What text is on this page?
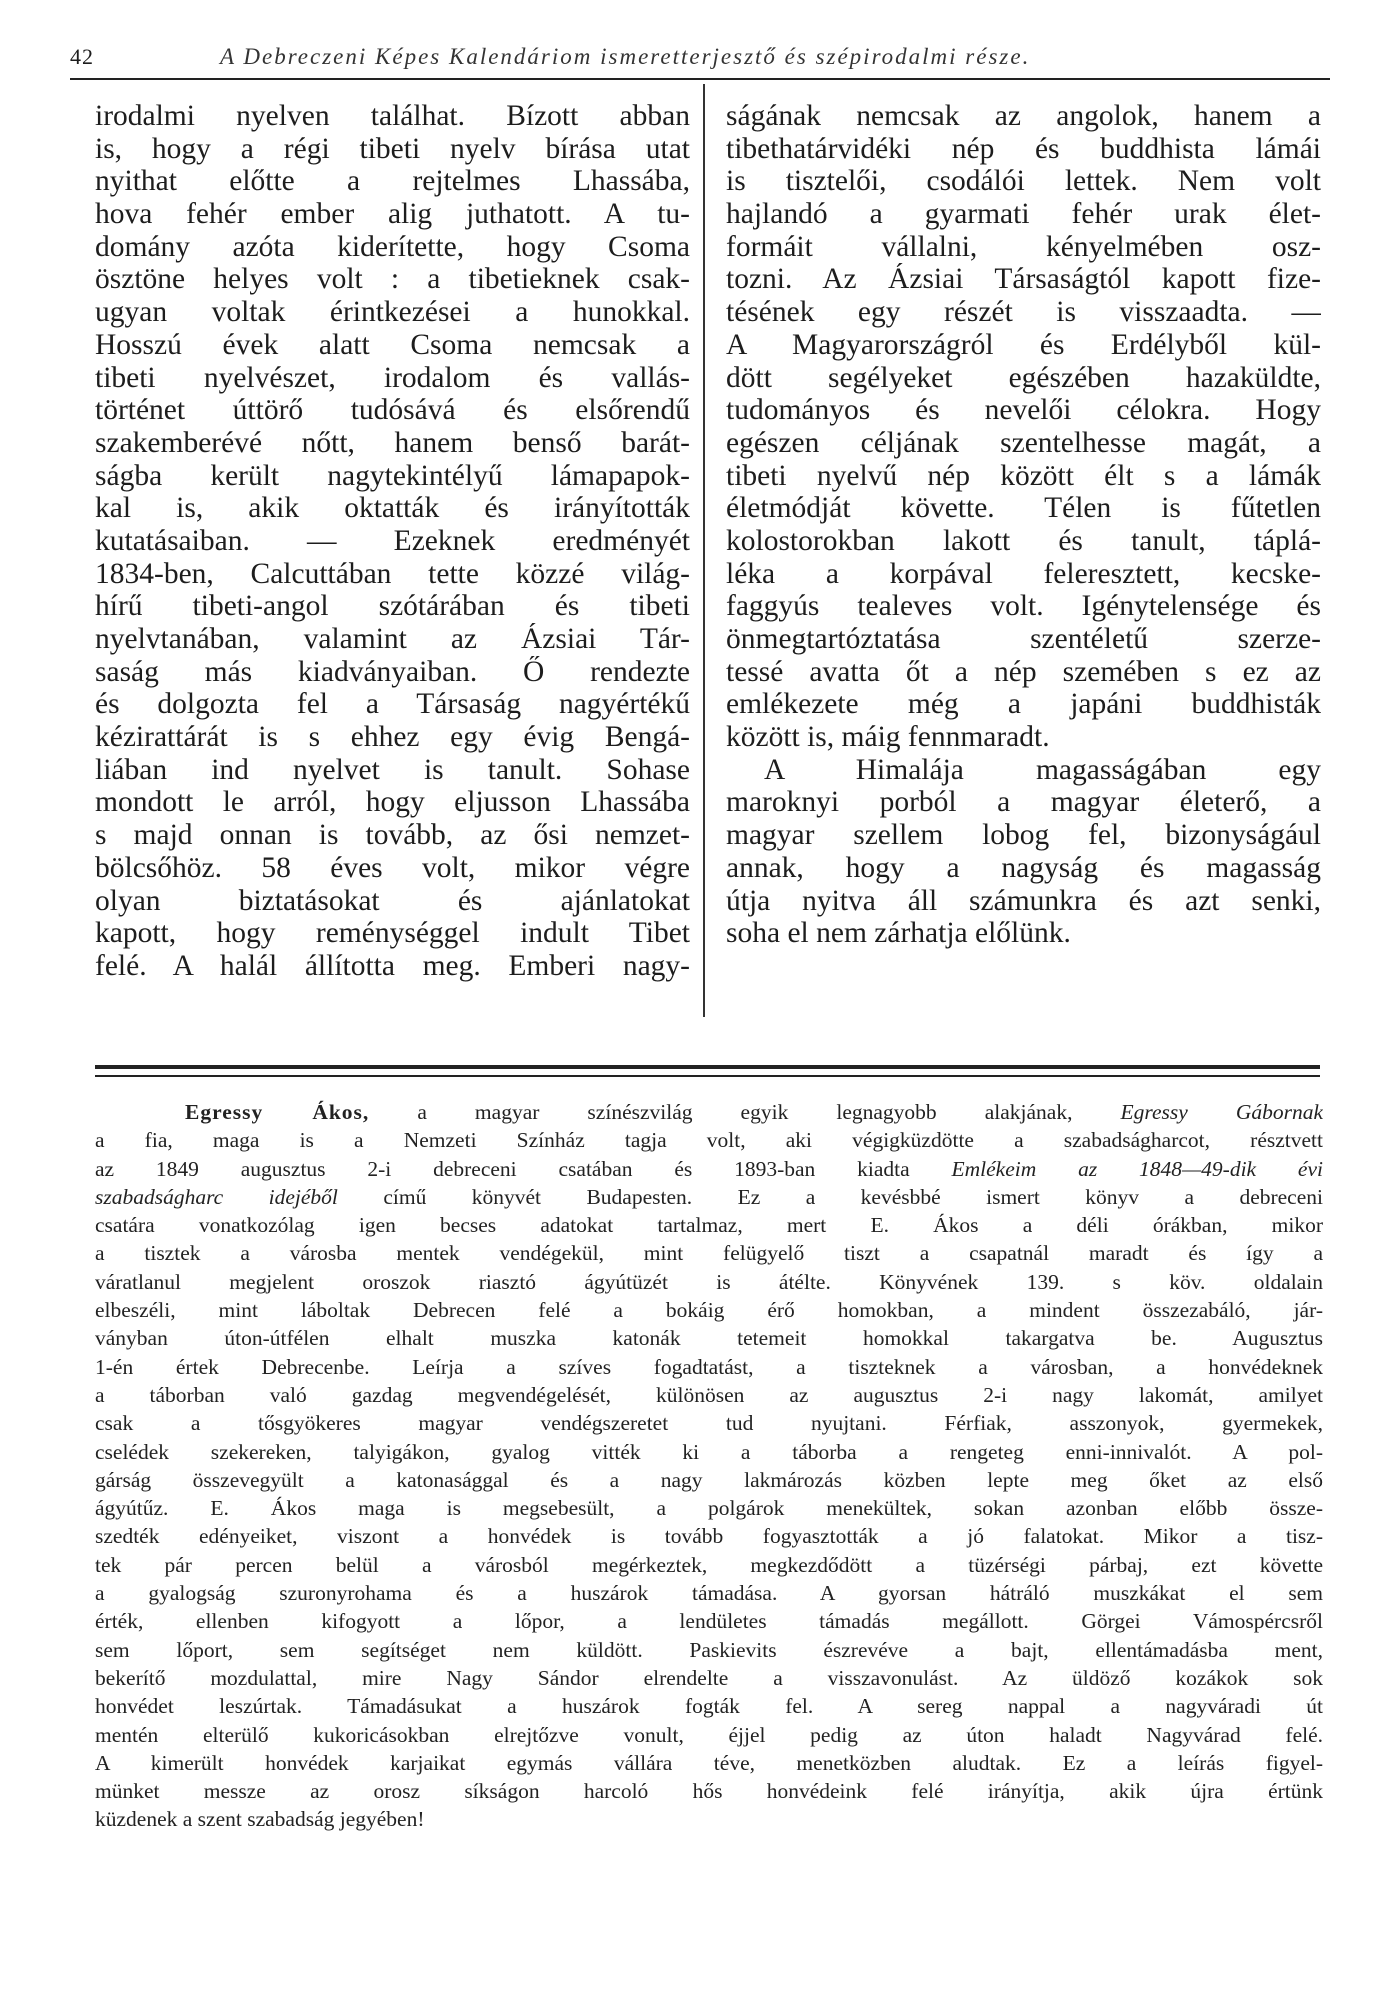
42	A Debreczeni Képes Kalendáriom ismeretterjesztő és szépirodalmi része.
irodalmi nyelven találhat. Bízott abban
is, hogy a régi tibeti nyelv bírása utat
nyithat előtte a rejtelmes Lhassába,
hova fehér ember alig juthatott. A tu-
domány azóta kiderítette, hogy Csoma
ösztöne helyes volt : a tibetieknek csak-
ugyan voltak érintkezései a hunokkal.
Hosszú évek alatt Csoma nemcsak a
tibeti nyelvészet, irodalom és vallás-
történet úttörő tudósává és elsőrendű
szakemberévé nőtt, hanem benső barát-
ságba került nagytekintélyű lámapapok-
kal is, akik oktatták és irányították
kutatásaiban. — Ezeknek eredményét
1834-ben, Calcuttában tette közzé világ-
hírű tibeti-angol szótárában és tibeti
nyelvtanában, valamint az Ázsiai Tár-
saság más kiadványaiban. Ő rendezte
és dolgozta fel a Társaság nagyértékű
kézirattárát is s ehhez egy évig Bengá-
liában ind nyelvet is tanult. Sohase
mondott le arról, hogy eljusson Lhassába
s majd onnan is tovább, az ősi nemzet-
bölcsőhöz. 58 éves volt, mikor végre
olyan biztatásokat és ajánlatokat
kapott, hogy reménységgel indult Tibet
felé. A halál állította meg. Emberi nagy-
ságának nemcsak az angolok, hanem a
tibethatárvidéki nép és buddhista lámái
is tisztelői, csodálói lettek. Nem volt
hajlandó a gyarmati fehér urak élet-
formáit vállalni, kényelmében osz-
tozni. Az Ázsiai Társaságtól kapott fize-
tésének egy részét is visszaadta. —
A Magyarországról és Erdélyből kül-
dött segélyeket egészében hazaküldte,
tudományos és nevelői célokra. Hogy
egészen céljának szentelhesse magát, a
tibeti nyelvű nép között élt s a lámák
életmódját követte. Télen is fűtetlen
kolostorokban lakott és tanult, táplá-
léka a korpával feleresztett, kecske-
faggyús tealeves volt. Igénytelensége és
önmegtartóztatása szentéletű szerze-
tessé avatta őt a nép szemében s ez az
emlékezete még a japáni buddhisták
között is, máig fennmaradt.
A Himalája magasságában egy
maroknyi porból a magyar életerő, a
magyar szellem lobog fel, bizonyságául
annak, hogy a nagyság és magasság
útja nyitva áll számunkra és azt senki,
soha el nem zárhatja előlünk.
Egressy Ákos, a magyar színészvilág egyik legnagyobb alakjának, Egressy Gábornak
a fia, maga is a Nemzeti Színház tagja volt, aki végigküzdötte a szabadságharcot, résztvett
az 1849 augusztus 2-i debreceni csatában és 1893-ban kiadta Emlékeim az 1848—49-dik évi
szabadságharc idejéből című könyvét Budapesten. Ez a kevésbbé ismert könyv a debreceni
csatára vonatkozólag igen becses adatokat tartalmaz, mert E. Ákos a déli órákban, mikor
a tisztek a városba mentek vendégekül, mint felügyelő tiszt a csapatnál maradt és így a
váratlanul megjelent oroszok riasztó ágyútüzét is átélte. Könyvének 139. s köv. oldalain
elbeszéli, mint láboltak Debrecen felé a bokáig érő homokban, a mindent összezabáló, jár-
ványban úton-útfélen elhalt muszka katonák tetemeit homokkal takargatva be. Augusztus
1-én értek Debrecenbe. Leírja a szíves fogadtatást, a tiszteknek a városban, a honvédeknek
a táborban való gazdag megvendégelését, különösen az augusztus 2-i nagy lakomát, amilyet
csak a tősgyökeres magyar vendégszeretet tud nyujtani. Férfiak, asszonyok, gyermekek,
cselédek szekereken, talyigákon, gyalog vitték ki a táborba a rengeteg enni-innivalót. A pol-
gárság összevegyült a katonasággal és a nagy lakmározás közben lepte meg őket az első
ágyútűz. E. Ákos maga is megsebesült, a polgárok menekültek, sokan azonban előbb össze-
szedték edényeiket, viszont a honvédek is tovább fogyasztották a jó falatokat. Mikor a tisz-
tek pár percen belül a városból megérkeztek, megkezdődött a tüzérségi párbaj, ezt követte
a gyalogság szuronyrohama és a huszárok támadása. A gyorsan hátráló muszkákat el sem
érték, ellenben kifogyott a lőpor, a lendületes támadás megállott. Görgei Vámospércsről
sem lőport, sem segítséget nem küldött. Paskievits észrevéve a bajt, ellentámadásba ment,
bekerítő mozdulattal, mire Nagy Sándor elrendelte a visszavonulást. Az üldöző kozákok sok
honvédet leszúrtak. Támadásukat a huszárok fogták fel. A sereg nappal a nagyváradi út
mentén elterülő kukoricásokban elrejtőzve vonult, éjjel pedig az úton haladt Nagyvárad felé.
A kimerült honvédek karjaikat egymás vállára téve, menetközben aludtak. Ez a leírás figyel-
münket messze az orosz síkságon harcoló hős honvédeink felé irányítja, akik újra értünk
küzdenek a szent szabadság jegyében!
